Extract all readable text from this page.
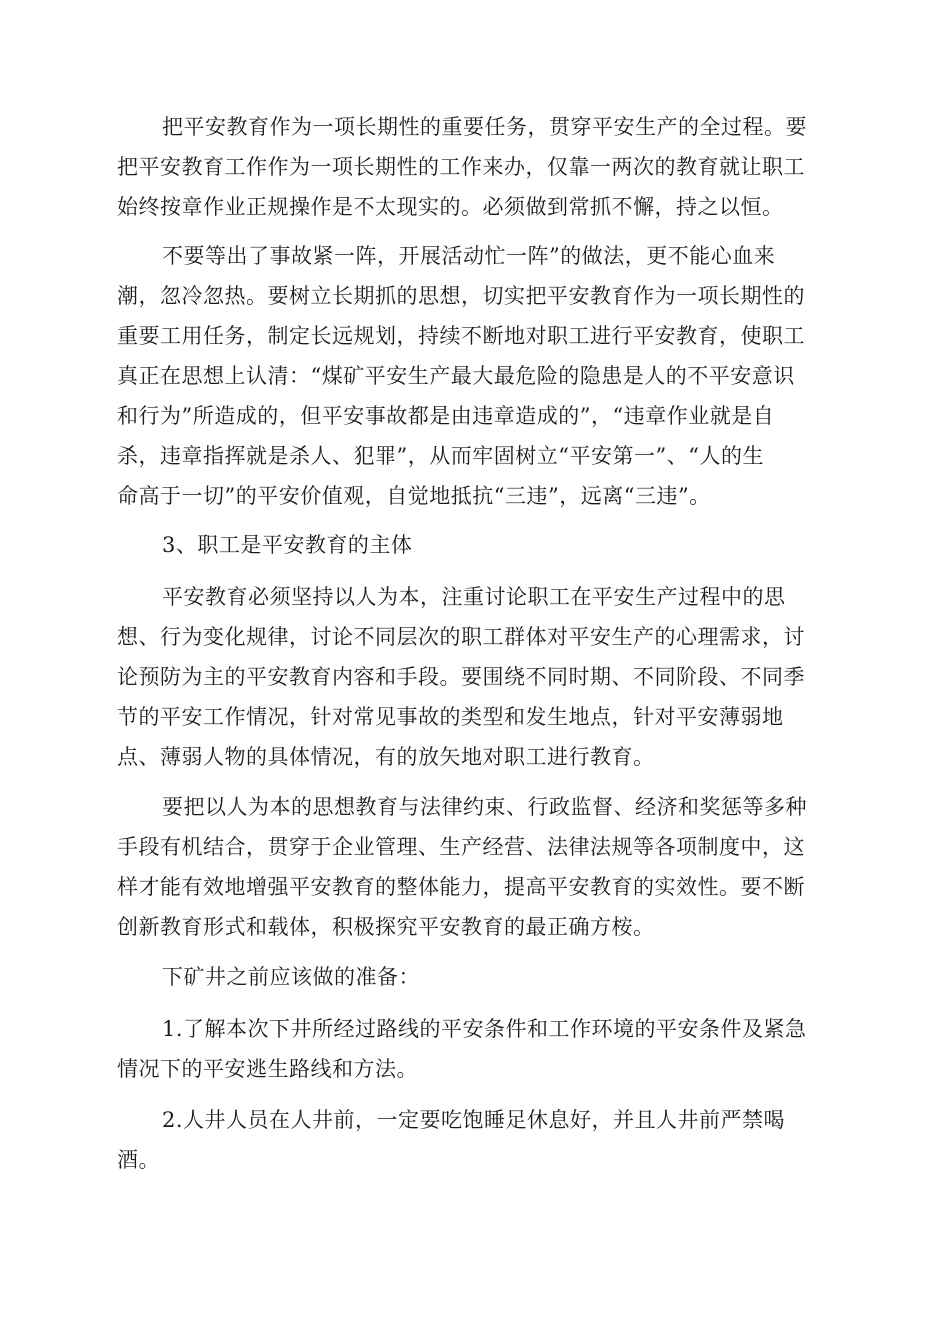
把平安教育作为一项长期性的重要任务，贯穿平安生产的全过程。要
把平安教育工作作为一项长期性的工作来办，仅靠一两次的教育就让职工
始终按章作业正规操作是不太现实的。必须做到常抓不懈，持之以恒。
不要等出了事故紧一阵，开展活动忙一阵”的做法，更不能心血来
潮，忽冷忽热。要树立长期抓的思想，切实把平安教育作为一项长期性的
重要工用任务，制定长远规划，持续不断地对职工进行平安教育，使职工
真正在思想上认清：“煤矿平安生产最大最危险的隐患是人的不平安意识
和行为”所造成的，但平安事故都是由违章造成的”，“违章作业就是自
杀，违章指挥就是杀人、犯罪”，从而牢固树立“平安第一”、“人的生
命高于一切”的平安价值观，自觉地抵抗“三违”，远离“三违”。
3、职工是平安教育的主体
平安教育必须坚持以人为本，注重讨论职工在平安生产过程中的思
想、行为变化规律，讨论不同层次的职工群体对平安生产的心理需求，讨
论预防为主的平安教育内容和手段。要围绕不同时期、不同阶段、不同季
节的平安工作情况，针对常见事故的类型和发生地点，针对平安薄弱地
点、薄弱人物的具体情况，有的放矢地对职工进行教育。
要把以人为本的思想教育与法律约束、行政监督、经济和奖惩等多种
手段有机结合，贯穿于企业管理、生产经营、法律法规等各项制度中，这
样才能有效地增强平安教育的整体能力，提高平安教育的实效性。要不断
创新教育形式和载体，积极探究平安教育的最正确方桉。
下矿井之前应该做的准备：
1.了解本次下井所经过路线的平安条件和工作环境的平安条件及紧急
情况下的平安逃生路线和方法。
2.人井人员在人井前，一定要吃饱睡足休息好，并且人井前严禁喝
酒。
